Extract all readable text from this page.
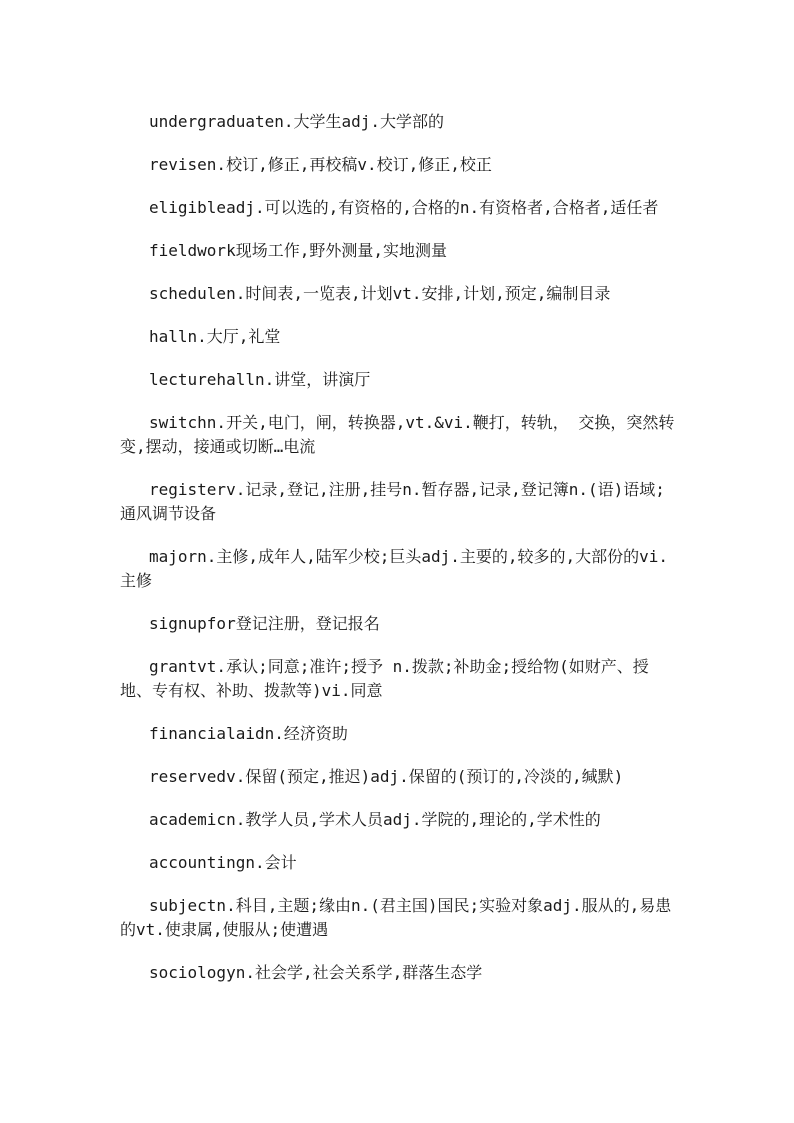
undergraduaten.大学生adj.大学部的

revisen.校订,修正,再校稿v.校订,修正,校正

eligibleadj.可以选的,有资格的,合格的n.有资格者,合格者,适任者

fieldwork现场工作,野外测量,实地测量

schedulen.时间表,一览表,计划vt.安排,计划,预定,编制目录

halln.大厅,礼堂

lecturehalln.讲堂，讲演厅

switchn.开关,电门，闸，转换器,vt.&vi.鞭打，转轨， 交换，突然转变,摆动，接通或切断…电流

registerv.记录,登记,注册,挂号n.暂存器,记录,登记簿n.(语)语域;通风调节设备

majorn.主修,成年人,陆军少校;巨头adj.主要的,较多的,大部份的vi.主修

signupfor登记注册，登记报名

grantvt.承认;同意;准许;授予 n.拨款;补助金;授给物(如财产、授地、专有权、补助、拨款等)vi.同意

financialaidn.经济资助

reservedv.保留(预定,推迟)adj.保留的(预订的,冷淡的,缄默)

academicn.教学人员,学术人员adj.学院的,理论的,学术性的

accountingn.会计

subjectn.科目,主题;缘由n.(君主国)国民;实验对象adj.服从的,易患的vt.使隶属,使服从;使遭遇

sociologyn.社会学,社会关系学,群落生态学
